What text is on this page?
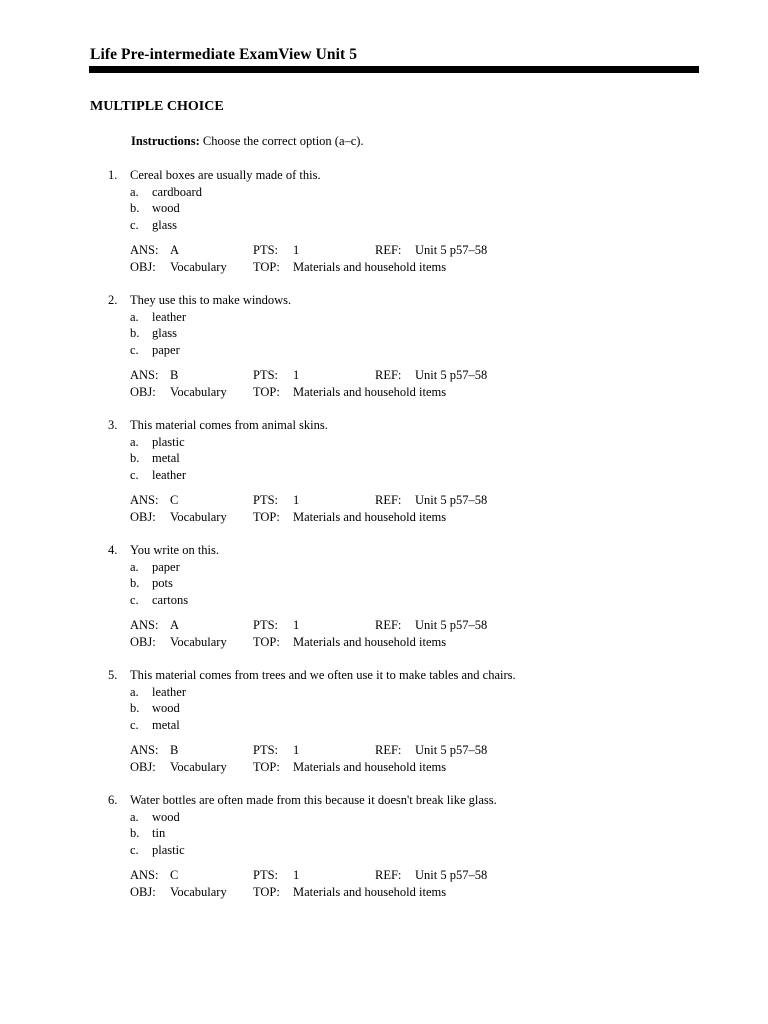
Life Pre-intermediate ExamView Unit 5
MULTIPLE CHOICE
Instructions: Choose the correct option (a–c).
1. Cereal boxes are usually made of this.
a. cardboard
b. wood
c. glass
ANS: A	PTS: 1	REF: Unit 5 p57–58
OBJ: Vocabulary TOP: Materials and household items
2. They use this to make windows.
a. leather
b. glass
c. paper
ANS: B	PTS: 1	REF: Unit 5 p57–58
OBJ: Vocabulary TOP: Materials and household items
3. This material comes from animal skins.
a. plastic
b. metal
c. leather
ANS: C	PTS: 1	REF: Unit 5 p57–58
OBJ: Vocabulary TOP: Materials and household items
4. You write on this.
a. paper
b. pots
c. cartons
ANS: A	PTS: 1	REF: Unit 5 p57–58
OBJ: Vocabulary TOP: Materials and household items
5. This material comes from trees and we often use it to make tables and chairs.
a. leather
b. wood
c. metal
ANS: B	PTS: 1	REF: Unit 5 p57–58
OBJ: Vocabulary TOP: Materials and household items
6. Water bottles are often made from this because it doesn't break like glass.
a. wood
b. tin
c. plastic
ANS: C	PTS: 1	REF: Unit 5 p57–58
OBJ: Vocabulary TOP: Materials and household items
